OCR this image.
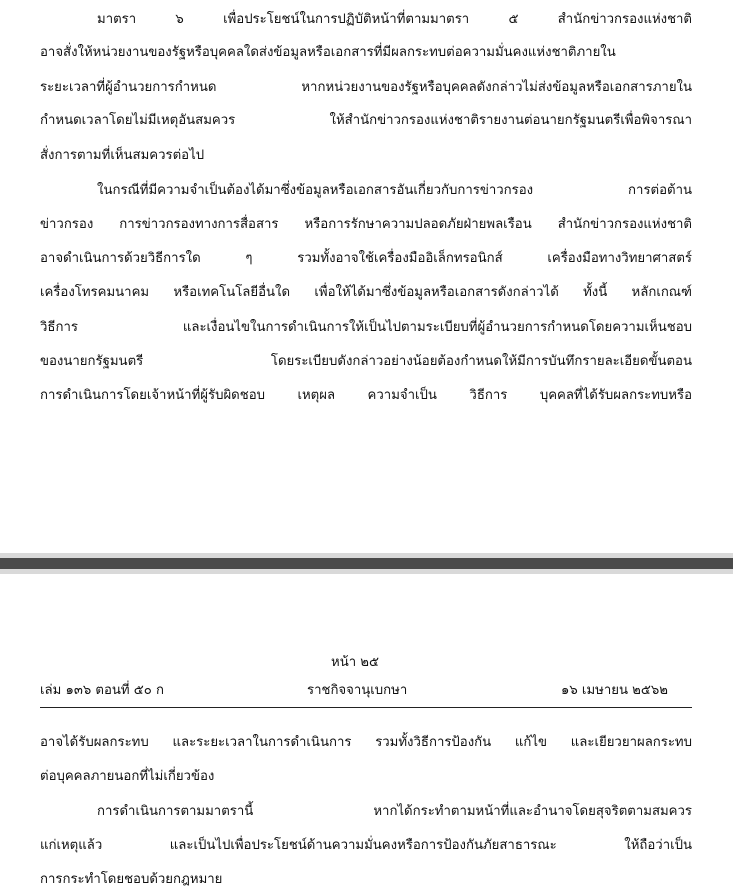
มาตรา ๖ เพื่อประโยชน์ในการปฏิบัติหน้าที่ตามมาตรา ๕ สำนักข่าวกรองแห่งชาติ
อาจสั่งให้หน่วยงานของรัฐหรือบุคคลใดส่งข้อมูลหรือเอกสารที่มีผลกระทบต่อความมั่นคงแห่งชาติภายใน
ระยะเวลาที่ผู้อำนวยการกำหนด หากหน่วยงานของรัฐหรือบุคคลดังกล่าวไม่ส่งข้อมูลหรือเอกสารภายใน
กำหนดเวลาโดยไม่มีเหตุอันสมควร ให้สำนักข่าวกรองแห่งชาติรายงานต่อนายกรัฐมนตรีเพื่อพิจารณา
สั่งการตามที่เห็นสมควรต่อไป
ในกรณีที่มีความจำเป็นต้องได้มาซึ่งข้อมูลหรือเอกสารอันเกี่ยวกับการข่าวกรอง การต่อต้าน
ข่าวกรอง การข่าวกรองทางการสื่อสาร หรือการรักษาความปลอดภัยฝ่ายพลเรือน สำนักข่าวกรองแห่งชาติ
อาจดำเนินการด้วยวิธีการใด ๆ รวมทั้งอาจใช้เครื่องมืออิเล็กทรอนิกส์ เครื่องมือทางวิทยาศาสตร์
เครื่องโทรคมนาคม หรือเทคโนโลยีอื่นใด เพื่อให้ได้มาซึ่งข้อมูลหรือเอกสารดังกล่าวได้ ทั้งนี้ หลักเกณฑ์
วิธีการ และเงื่อนไขในการดำเนินการให้เป็นไปตามระเบียบที่ผู้อำนวยการกำหนดโดยความเห็นชอบ
ของนายกรัฐมนตรี โดยระเบียบดังกล่าวอย่างน้อยต้องกำหนดให้มีการบันทึกรายละเอียดขั้นตอน
การดำเนินการโดยเจ้าหน้าที่ผู้รับผิดชอบ เหตุผล ความจำเป็น วิธีการ บุคคลที่ได้รับผลกระทบหรือ
หน้า ๒๕
เล่ม ๑๓๖ ตอนที่ ๕๐ ก	ราชกิจจานุเบกษา	๑๖ เมษายน ๒๕๖๒
อาจได้รับผลกระทบ และระยะเวลาในการดำเนินการ รวมทั้งวิธีการป้องกัน แก้ไข และเยียวยาผลกระทบ
ต่อบุคคลภายนอกที่ไม่เกี่ยวข้อง
การดำเนินการตามมาตรานี้ หากได้กระทำตามหน้าที่และอำนาจโดยสุจริตตามสมควร
แก่เหตุแล้ว และเป็นไปเพื่อประโยชน์ด้านความมั่นคงหรือการป้องกันภัยสาธารณะ ให้ถือว่าเป็น
การกระทำโดยชอบด้วยกฎหมาย
